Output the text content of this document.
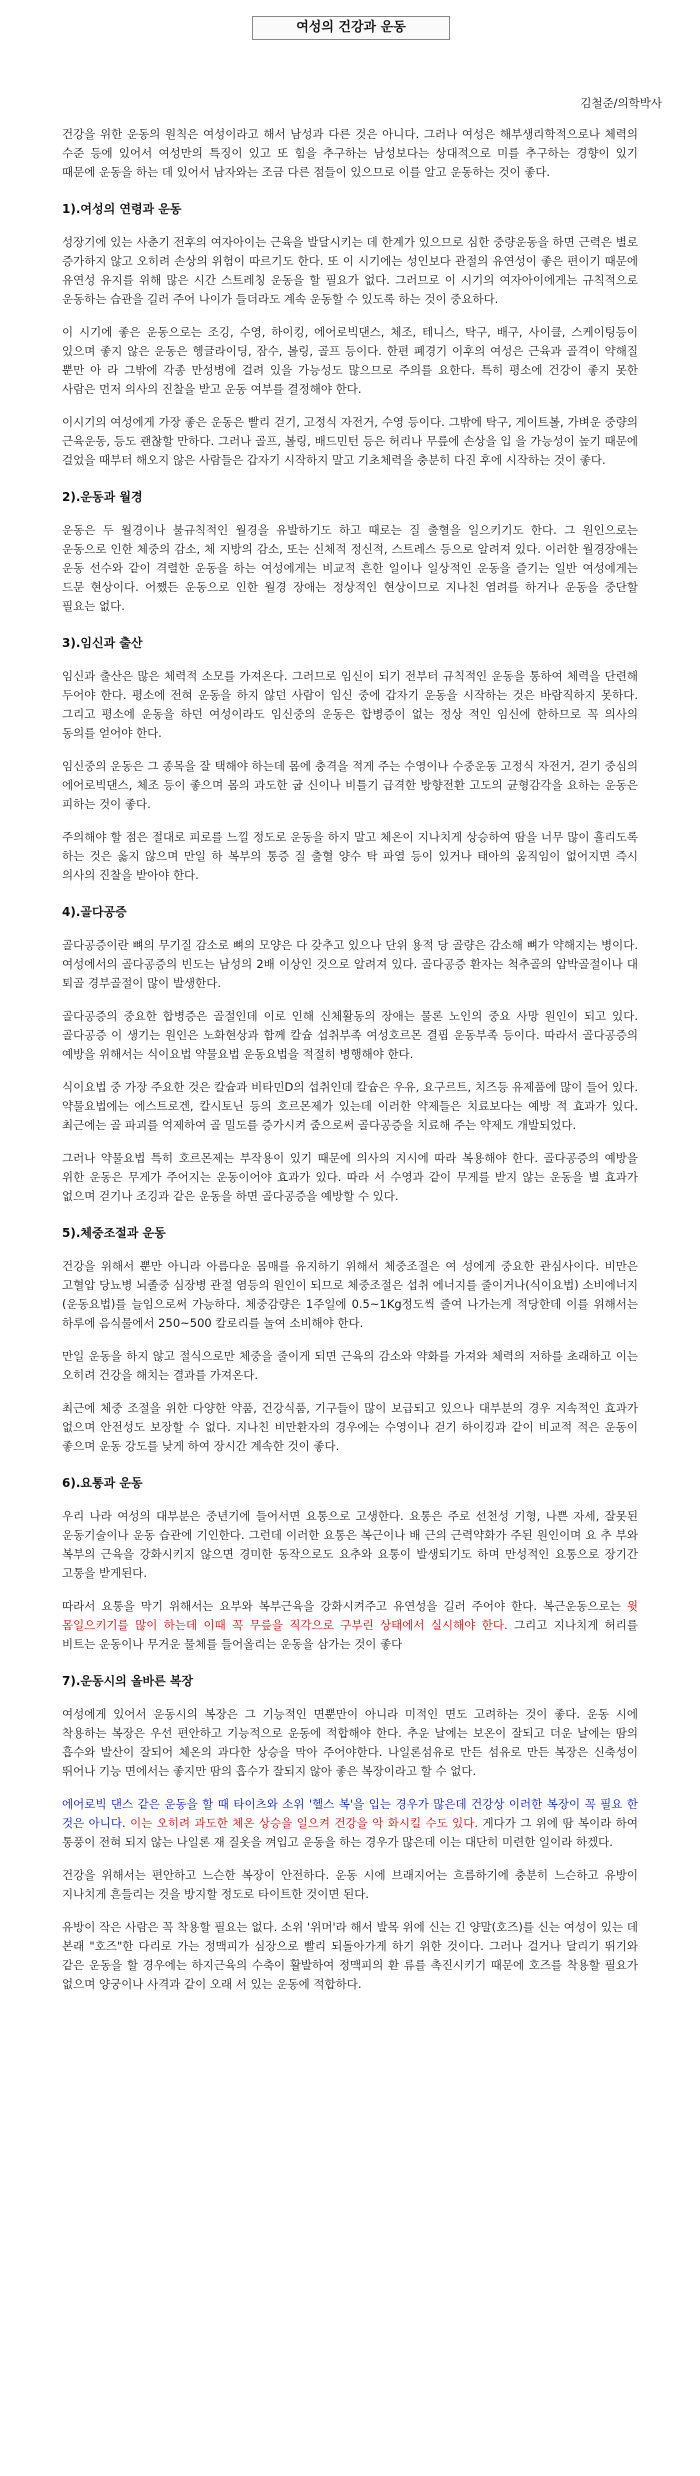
여성의 건강과 운동
김철준/의학박사

건강을 위한 운동의 원칙은 여성이라고 해서 남성과 다른 것은 아니다. 그러나 여성은 해부생리학적으로나 체력의 수준 등에 있어서 여성만의 특징이 있고 또 힘을 추구하는 남성보다는 상대적으로 미를 추구하는 경향이 있기 때문에 운동을 하는 데 있어서 남자와는 조금 다른 점들이 있으므로 이를 알고 운동하는 것이 좋다.

1).여성의 연령과 운동

성장기에 있는 사춘기 전후의 여자아이는 근육을 발달시키는 데 한계가 있으므로 심한 중량운동을 하면 근력은 별로 증가하지 않고 오히려 손상의 위험이 따르기도 한다. 또 이 시기에는 성인보다 관절의 유연성이 좋은 편이기 때문에 유연성 유지를 위해 많은 시간 스트레칭 운동을 할 필요가 없다. 그러므로 이 시기의 여자아이에게는 규칙적으로 운동하는 습관을 길러 주어 나이가 들더라도 계속 운동할 수 있도록 하는 것이 중요하다.

이 시기에 좋은 운동으로는 조깅, 수영, 하이킹, 에어로빅댄스, 체조, 테니스, 탁구, 배구, 사이클, 스케이팅등이 있으며 좋지 않은 운동은 헹글라이딩, 잠수, 볼링, 골프 등이다. 한편 폐경기 이후의 여성은 근육과 골격이 약해질 뿐만 아 라 그밖에 각종 만성병에 걸려 있을 가능성도 많으므로 주의를 요한다. 특히 평소에 건강이 좋지 못한 사람은 먼저 의사의 진찰을 받고 운동 여부를 결정해야 한다.

이시기의 여성에게 가장 좋은 운동은 빨리 걷기, 고정식 자전거, 수영 등이다. 그밖에 탁구, 게이트볼, 가벼운 중량의 근육운동, 등도 괜찮할 만하다. 그러나 골프, 볼링, 배드민턴 등은 허리나 무릎에 손상을 입 을 가능성이 높기 때문에 걸었을 때부터 해오지 않은 사람들은 갑자기 시작하지 말고 기초체력을 충분히 다진 후에 시작하는 것이 좋다.

2).운동과 월경

운동은 두 월경이나 불규칙적인 월경을 유발하기도 하고 때로는 질 출혈을 일으키기도 한다. 그 원인으로는 운동으로 인한 체중의 감소, 체 지방의 감소, 또는 신체적 정신적, 스트레스 등으로 알려져 있다. 이러한 월경장애는 운동 선수와 같이 격렬한 운동을 하는 여성에게는 비교적 흔한 일이나 일상적인 운동을 즐기는 일반 여성에게는 드문 현상이다. 어쨌든 운동으로 인한 월경 장애는 정상적인 현상이므로 지나친 염려를 하거나 운동을 중단할 필요는 없다.

3).임신과 출산

임신과 출산은 많은 체력적 소모를 가져온다. 그러므로 임신이 되기 전부터 규칙적인 운동을 통하여 체력을 단련해 두어야 한다. 평소에 전혀 운동을 하지 않던 사람이 임신 중에 갑자기 운동을 시작하는 것은 바람직하지 못하다. 그리고 평소에 운동을 하던 여성이라도 임신중의 운동은 합병증이 없는 정상 적인 임신에 한하므로 꼭 의사의 동의를 얻어야 한다.

임신중의 운동은 그 종목을 잘 택해야 하는데 몸에 충격을 적게 주는 수영이나 수중운동 고정식 자전거, 걷기 중심의 에어로빅댄스, 체조 등이 좋으며 몸의 과도한 굽 신이나 비틀기 급격한 방향전환 고도의 균형감각을 요하는 운동은 피하는 것이 좋다.

주의해야 할 점은 절대로 피로를 느낄 정도로 운동을 하지 말고 체온이 지나치게 상승하여 땀을 너무 많이 흘리도록 하는 것은 옳지 않으며 만일 하 복부의 통증 질 출혈 양수 탁 파열 등이 있거나 태아의 움직임이 없어지면 즉시 의사의 진찰을 받아야 한다.

4).골다공증

골다공증이란 뼈의 무기질 감소로 뼈의 모양은 다 갖추고 있으나 단위 용적 당 골량은 감소해 뼈가 약해지는 병이다. 여성에서의 골다공증의 빈도는 남성의 2배 이상인 것으로 알려져 있다. 골다공증 환자는 척추골의 압박골절이나 대 퇴골 경부골절이 많이 발생한다.

골다공증의 중요한 합병증은 골절인데 이로 인해 신체활동의 장애는 물론 노인의 중요 사망 원인이 되고 있다. 골다공증 이 생기는 원인은 노화현상과 함께 칼슘 섭취부족 여성호르몬 결핍 운동부족 등이다. 따라서 골다공증의 예방을 위해서는 식이요법 약물요법 운동요법을 적절히 병행해야 한다.

식이요법 중 가장 주요한 것은 칼슘과 비타민D의 섭취인데 칼슘은 우유, 요구르트, 치즈등 유제품에 많이 들어 있다. 약물요법에는 에스트로겐, 칼시토닌 등의 호르몬제가 있는데 이러한 약제들은 치료보다는 예방 적 효과가 있다. 최근에는 골 파괴를 억제하여 골 밀도를 증가시켜 줌으로써 골다공증을 치료해 주는 약제도 개발되었다.

그러나 약물요법 특히 호르몬제는 부작용이 있기 때문에 의사의 지시에 따라 복용해야 한다. 골다공증의 예방을 위한 운동은 무게가 주어지는 운동이어야 효과가 있다. 따라 서 수영과 같이 무게를 받지 않는 운동을 별 효과가 없으며 걷기나 조깅과 같은 운동을 하면 골다공증을 예방할 수 있다.

5).체중조절과 운동

건강을 위해서 뿐만 아니라 아름다운 몸매를 유지하기 위해서 체중조절은 여 성에게 중요한 관심사이다. 비만은 고혈압 당뇨병 뇌졸중 심장병 관절 염등의 원인이 되므로 체중조절은 섭취 에너지를 줄이거나(식이요법) 소비에너지(운동요법)를 늘임으로써 가능하다. 체중감량은 1주일에 0.5~1Kg정도씩 줄여 나가는게 적당한데 이를 위해서는 하루에 음식물에서 250~500 칼로리를 놀여 소비해야 한다.

만일 운동을 하지 않고 절식으로만 체중을 줄이게 되면 근육의 감소와 약화를 가져와 체력의 저하를 초래하고 이는 오히려 건강을 해치는 결과를 가져온다.

최근에 체중 조절을 위한 다양한 약품, 건강식품, 기구들이 많이 보급되고 있으나 대부분의 경우 지속적인 효과가 없으며 안전성도 보장할 수 없다. 지나친 비만환자의 경우에는 수영이나 걷기 하이킹과 같이 비교적 적은 운동이 좋으며 운동 강도를 낮게 하여 장시간 계속한 것이 좋다.

6).요통과 운동

우리 나라 여성의 대부분은 중년기에 들어서면 요통으로 고생한다. 요통은 주로 선천성 기형, 나쁜 자세, 잘못된 운동기술이나 운동 습관에 기인한다. 그런데 이러한 요통은 복근이나 배 근의 근력약화가 주된 원인이며 요 추 부와 복부의 근육을 강화시키지 않으면 경미한 동작으로도 요추와 요통이 발생되기도 하며 만성적인 요통으로 장기간 고통을 받게된다.

따라서 요통을 막기 위해서는 요부와 복부근육을 강화시켜주고 유연성을 길러 주어야 한다. 복근운동으로는 윗 몸일으키기를 많이 하는데 이때 꼭 무릎을 직각으로 구부린 상태에서 실시해야 한다. 그리고 지나치게 허리를 비트는 운동이나 무거운 물체를 들어올리는 운동을 삼가는 것이 좋다

7).운동시의 올바른 복장

여성에게 있어서 운동시의 복장은 그 기능적인 면뿐만이 아니라 미적인 면도 고려하는 것이 좋다. 운동 시에 착용하는 복장은 우선 편안하고 기능적으로 운동에 적합해야 한다. 추운 날에는 보온이 잘되고 더운 날에는 땀의 흡수와 발산이 잘되어 체온의 과다한 상승을 막아 주어야한다. 나일론섬유로 만든 섬유로 만든 복장은 신축성이 뛰어나 기능 면에서는 좋지만 땀의 흡수가 잘되지 않아 좋은 복장이라고 할 수 없다.

에어로빅 댄스 같은 운동을 할 때 타이츠와 소위 '헬스 복'을 입는 경우가 많은데 건강상 이러한 복장이 꼭 필요 한 것은 아니다. 이는 오히려 과도한 체온 상승을 일으켜 건강을 악 화시킬 수도 있다. 게다가 그 위에 땀 복이라 하여 통풍이 전혀 되지 않는 나일론 재 질옷을 껴입고 운동을 하는 경우가 많은데 이는 대단히 미련한 일이라 하겠다.

건강을 위해서는 편안하고 느슨한 복장이 안전하다. 운동 시에 브래지어는 흐름하기에 충분히 느슨하고 유방이 지나치게 흔들리는 것을 방지할 정도로 타이트한 것이면 된다.

유방이 작은 사람은 꼭 착용할 필요는 없다. 소위 '위머'라 해서 발목 위에 신는 긴 양말(호즈)를 신는 여성이 있는 데 본래 "호즈"한 다리로 가는 정맥피가 심장으로 빨리 되돌아가게 하기 위한 것이다. 그러나 걸거나 달리기 뛰기와 같은 운동을 할 경우에는 하지근육의 수축이 활발하여 정맥피의 환 류를 촉진시키기 때문에 호즈를 착용할 필요가 없으며 양궁이나 사격과 같이 오래 서 있는 운동에 적합하다.
